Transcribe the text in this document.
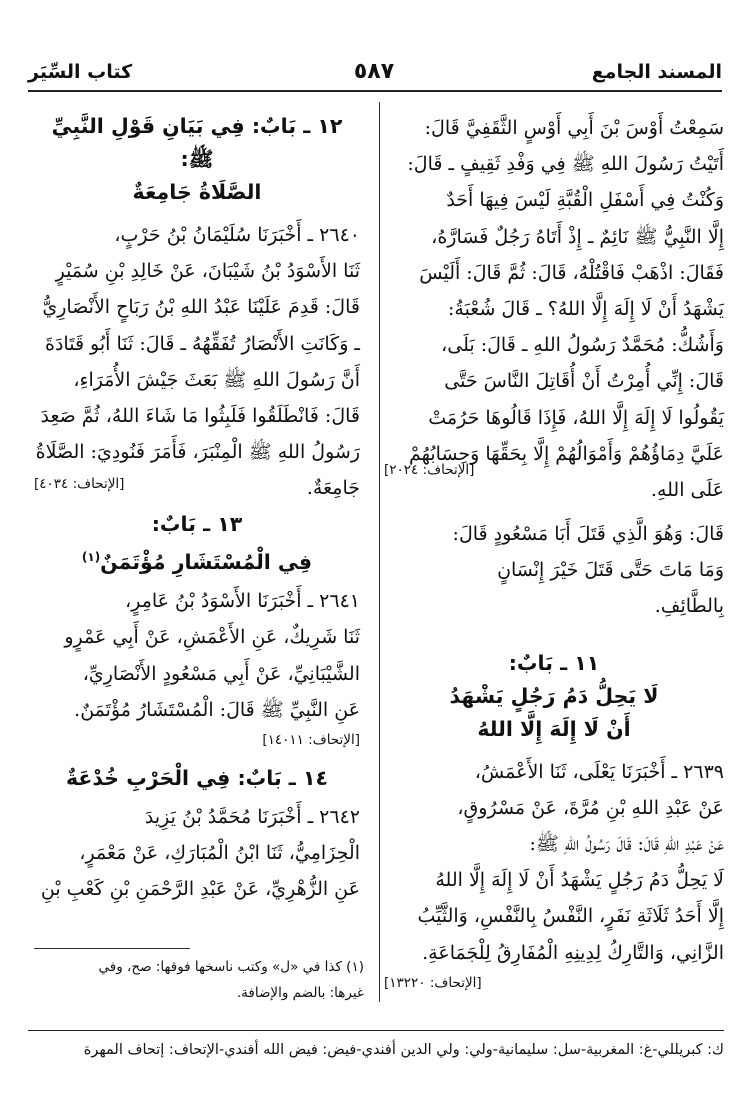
٥٨٧	المسند الجامع
كتاب السِّيَر

سَمِعْتُ أَوْسَ بْنَ أَبِي أَوْسٍ الثَّقَفِيَّ قَالَ:

أَتَيْتُ رَسُولَ اللهِ ﷺ فِي وَفْدِ ثَقِيفٍ ـ قَالَ:

وَكُنْتُ فِي أَسْفَلِ الْقُبَّةِ لَيْسَ فِيهَا أَحَدٌ

إِلَّا النَّبِيُّ ﷺ نَائِمٌ ـ إِذْ أَتَاهُ رَجُلٌ فَسَارَّهُ،

فَقَالَ: اذْهَبْ فَاقْتُلْهُ، قَالَ: ثُمَّ قَالَ: أَلَيْسَ

يَشْهَدُ أَنْ لَا إِلَهَ إِلَّا اللهُ؟ ـ قَالَ شُعْبَةُ:

وَأَشُكُّ: مُحَمَّدٌ رَسُولُ اللهِ ـ قَالَ: بَلَى،

قَالَ: إِنِّي أُمِرْتُ أَنْ أُقَاتِلَ النَّاسَ حَتَّى

يَقُولُوا لَا إِلَهَ إِلَّا اللهُ، فَإِذَا قَالُوهَا حَرُمَتْ

عَلَيَّ دِمَاؤُهُمْ وَأَمْوَالُهُمْ إِلَّا بِحَقِّهَا وَحِسَابُهُمْ

عَلَى اللهِ.
[الإتحاف: ٢٠٢٤]

قَالَ: وَهُوَ الَّذِي قَتَلَ أَبَا مَسْعُودٍ قَالَ:

وَمَا مَاتَ حَتَّى قَتَلَ خَيْرَ إِنْسَانٍ

بِالطَّائِفِ.

١١ ـ بَابٌ:

لَا يَحِلُّ دَمُ رَجُلٍ يَشْهَدُ

أَنْ لَا إِلَهَ إِلَّا اللهُ

٢٦٣٩ ـ أَخْبَرَنَا يَعْلَى، ثَنَا الأَعْمَشُ،

عَنْ عَبْدِ اللهِ بْنِ مُرَّةَ، عَنْ مَسْرُوقٍ،

عَنْ عَبْدِ اللهِ قَالَ: قَالَ رَسُولُ اللهِ ﷺ:

لَا يَحِلُّ دَمُ رَجُلٍ يَشْهَدُ أَنْ لَا إِلَهَ إِلَّا اللهُ

إِلَّا أَحَدُ ثَلَاثَةِ نَفَرٍ، النَّفْسُ بِالنَّفْسِ، وَالثَّيِّبُ

الزَّانِي، وَالتَّارِكُ لِدِينِهِ الْمُفَارِقُ لِلْجَمَاعَةِ.

[الإتحاف: ١٣٢٢٠]

١٢ ـ بَابٌ: فِي بَيَانِ قَوْلِ النَّبِيِّ ﷺ:

الصَّلَاةُ جَامِعَةٌ

٢٦٤٠ ـ أَخْبَرَنَا سُلَيْمَانُ بْنُ حَرْبٍ،

ثَنَا الأَسْوَدُ بْنُ شَيْبَانَ، عَنْ خَالِدِ بْنِ سُمَيْرٍ

قَالَ: قَدِمَ عَلَيْنَا عَبْدُ اللهِ بْنُ رَبَاحٍ الأَنْصَارِيُّ

ـ وَكَانَتِ الأَنْصَارُ تُفَقِّهُهُ ـ قَالَ: ثَنَا أَبُو قَتَادَةَ

أَنَّ رَسُولَ اللهِ ﷺ بَعَثَ جَيْشَ الأُمَرَاءِ،

قَالَ: فَانْطَلَقُوا فَلَبِثُوا مَا شَاءَ اللهُ، ثُمَّ صَعِدَ

رَسُولُ اللهِ ﷺ الْمِنْبَرَ، فَأَمَرَ فَنُودِيَ: الصَّلَاةُ

جَامِعَةٌ.
[الإتحاف: ٤٠٣٤]

١٣ ـ بَابٌ:

فِي الْمُسْتَشَارِ مُؤْتَمَنٌ$^{(١)}$

٢٦٤١ ـ أَخْبَرَنَا الأَسْوَدُ بْنُ عَامِرٍ،

ثَنَا شَرِيكٌ، عَنِ الأَعْمَشِ، عَنْ أَبِي عَمْرٍو

الشَّيْبَانِيِّ، عَنْ أَبِي مَسْعُودٍ الأَنْصَارِيِّ،

عَنِ النَّبِيِّ ﷺ قَالَ: الْمُسْتَشَارُ مُؤْتَمَنٌ.

[الإتحاف: ١٤٠١١]

١٤ ـ بَابٌ: فِي الْحَرْبِ خُدْعَةٌ

٢٦٤٢ ـ أَخْبَرَنَا مُحَمَّدُ بْنُ يَزِيدَ

الْحِزَامِيُّ، ثَنَا ابْنُ الْمُبَارَكِ، عَنْ مَعْمَرٍ،

عَنِ الزُّهْرِيِّ، عَنْ عَبْدِ الرَّحْمَنِ بْنِ كَعْبِ بْنِ

(١) كذا في «ل» وكتب ناسخها فوقها: صح، وفي
غيرها: بالضم والإضافة.
ك: كبريللي-غ: المغربية-سل: سليمانية-ولي: ولي الدين أفندي-فيض: فيض الله أفندي-الإتحاف: إتحاف المهرة
